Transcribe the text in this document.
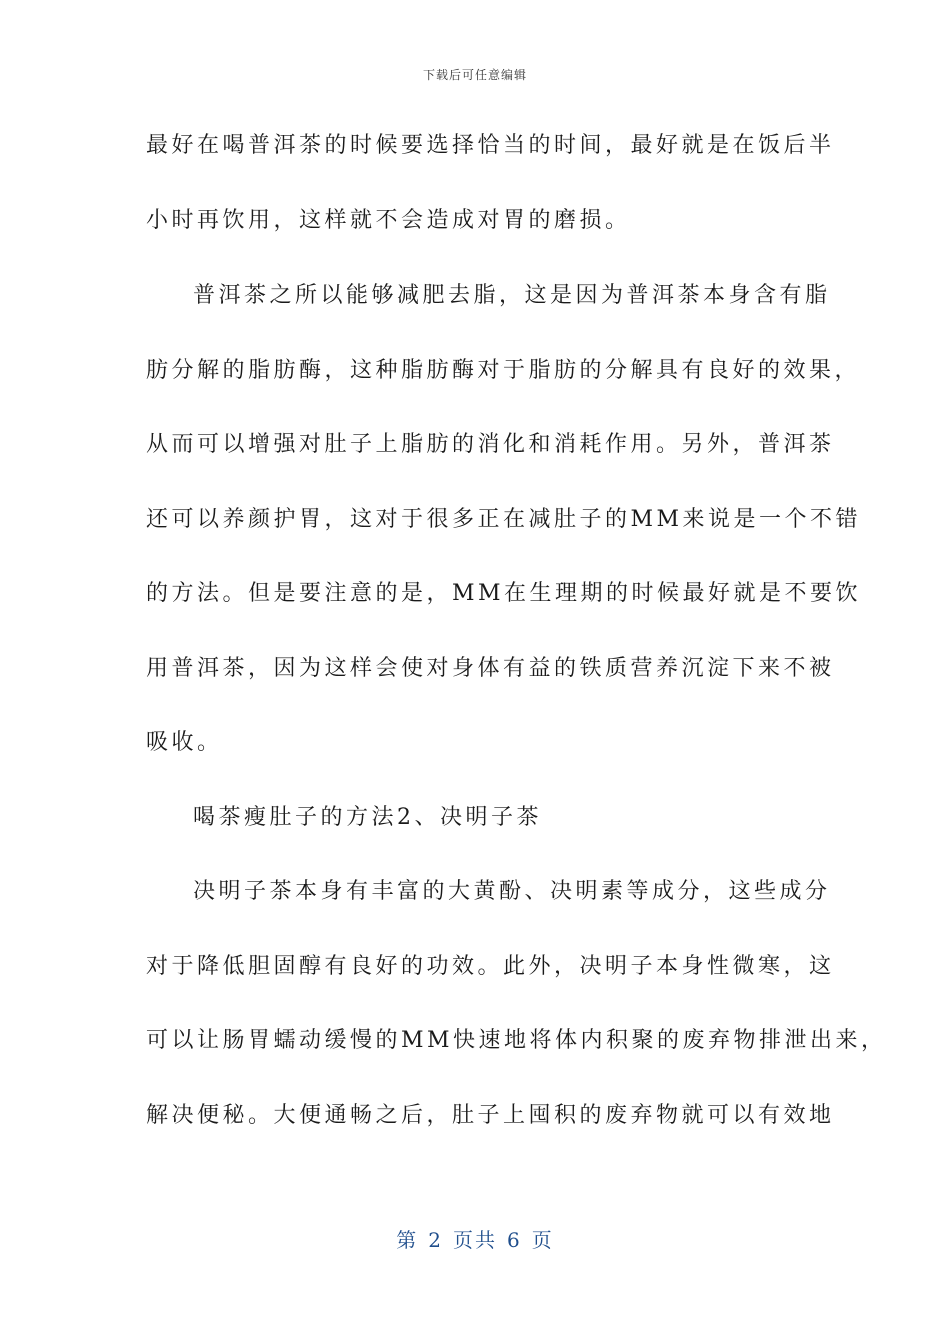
下载后可任意编辑
最好在喝普洱茶的时候要选择恰当的时间，最好就是在饭后半
小时再饮用，这样就不会造成对胃的磨损。
普洱茶之所以能够减肥去脂，这是因为普洱茶本身含有脂
肪分解的脂肪酶，这种脂肪酶对于脂肪的分解具有良好的效果，
从而可以增强对肚子上脂肪的消化和消耗作用。另外，普洱茶
还可以养颜护胃，这对于很多正在减肚子的MM来说是一个不错
的方法。但是要注意的是，MM在生理期的时候最好就是不要饮
用普洱茶，因为这样会使对身体有益的铁质营养沉淀下来不被
吸收。
喝茶瘦肚子的方法2、决明子茶
决明子茶本身有丰富的大黄酚、决明素等成分，这些成分
对于降低胆固醇有良好的功效。此外，决明子本身性微寒，这
可以让肠胃蠕动缓慢的MM快速地将体内积聚的废弃物排泄出来，
解决便秘。大便通畅之后，肚子上囤积的废弃物就可以有效地
第 2 页共 6 页
